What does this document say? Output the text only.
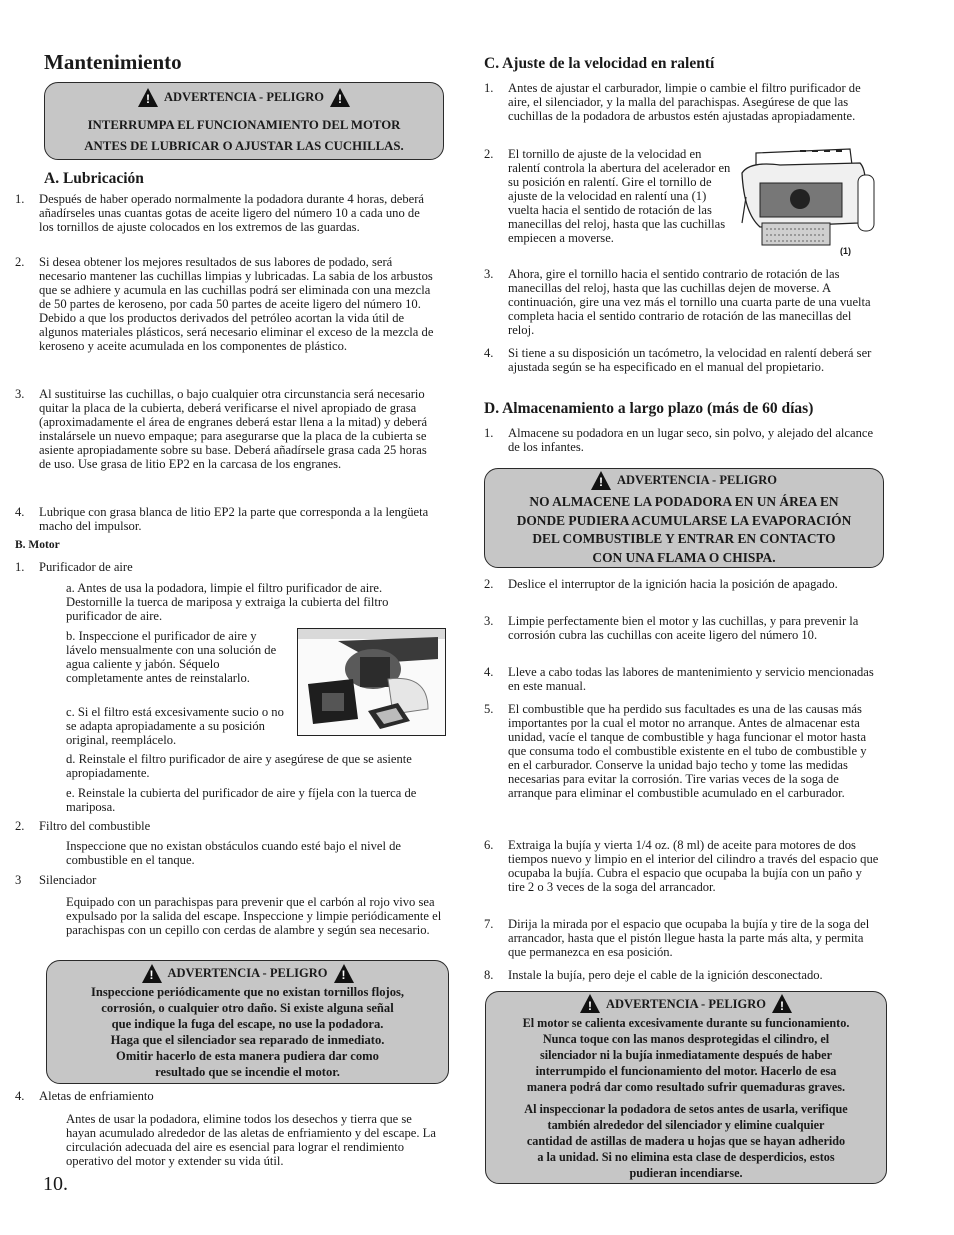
Mantenimiento
! ADVERTENCIA - PELIGRO !
INTERRUMPA EL FUNCIONAMIENTO DEL MOTOR
ANTES DE LUBRICAR O AJUSTAR LAS CUCHILLAS.
A. Lubricación
1. Después de haber operado normalmente la podadora durante 4 horas, deberá añadírseles unas cuantas gotas de aceite ligero del número 10 a cada uno de los tornillos de ajuste colocados en los extremos de las guardas.
2. Si desea obtener los mejores resultados de sus labores de podado, será necesario mantener las cuchillas limpias y lubricadas. La sabia de los arbustos que se adhiere y acumula en las cuchillas podrá ser eliminada con una mezcla de 50 partes de kerosenо, por cada 50 partes de aceite ligero del número 10. Debido a que los productos derivados del petróleo acortan la vida útil de algunos materiales plásticos, será necesario eliminar el exceso de la mezcla de keroseno y aceite acumulada en los componentes de plástico.
3. Al sustituirse las cuchillas, o bajo cualquier otra circunstancia será necesario quitar la placa de la cubierta, deberá verificarse el nivel apropiado de grasa (aproximadamente el área de engranes deberá estar llena a la mitad) y deberá instalársele un nuevo empaque; para asegurarse que la placa de la cubierta se asiente apropiadamente sobre su base. Deberá añadírsele grasa cada 25 horas de uso. Use grasa de litio EP2 en la carcasa de los engranes.
4. Lubrique con grasa blanca de litio EP2 la parte que corresponda a la lengüeta macho del impulsor.
B. Motor
1. Purificador de aire
a. Antes de usa la podadora, limpie el filtro purificador de aire. Destornille la tuerca de mariposa y extraiga la cubierta del filtro purificador de aire.
b. Inspeccione el purificador de aire y lávelo mensualmente con una solución de agua caliente y jabón. Séquelo completamente antes de reinstalarlo.
c. Si el filtro está excesivamente sucio o no se adapta apropiadamente a su posición original, reemplácelo.
d. Reinstale el filtro purificador de aire y asegúrese de que se asiente apropiadamente.
e. Reinstale la cubierta del purificador de aire y fíjela con la tuerca de mariposa.
2. Filtro del combustible
Inspeccione que no existan obstáculos cuando esté bajo el nivel de combustible en el tanque.
3 Silenciador
Equipado con un parachispas para prevenir que el carbón al rojo vivo sea expulsado por la salida del escape. Inspeccione y limpie periódicamente el parachispas con un cepillo con cerdas de alambre y según sea necesario.
! ADVERTENCIA - PELIGRO !
Inspeccione periódicamente que no existan tornillos flojos,
corrosión, o cualquier otro daño. Si existe alguna señal
que indique la fuga del escape, no use la podadora.
Haga que el silenciador sea reparado de inmediato.
Omitir hacerlo de esta manera pudiera dar como
resultado que se incendie el motor.
4. Aletas de enfriamiento
Antes de usar la podadora, elimine todos los desechos y tierra que se hayan acumulado alrededor de las aletas de enfriamiento y del escape. La circulación adecuada del aire es esencial para lograr el rendimiento operativo del motor y extender su vida útil.
10.
C. Ajuste de la velocidad en ralentí
1. Antes de ajustar el carburador, limpie o cambie el filtro purificador de aire, el silenciador, y la malla del parachispas. Asegúrese de que las cuchillas de la podadora de arbustos estén ajustadas apropiadamente.
2. El tornillo de ajuste de la velocidad en ralentí controla la abertura del acelerador en su posición en ralentí. Gire el tornillo de ajuste de la velocidad en ralentí una (1) vuelta hacia el sentido de rotación de las manecillas del reloj, hasta que las cuchillas empiecen a moverse.
(1)
3. Ahora, gire el tornillo hacia el sentido contrario de rotación de las manecillas del reloj, hasta que las cuchillas dejen de moverse. A continuación, gire una vez más el tornillo una cuarta parte de una vuelta completa hacia el sentido contrario de rotación de las manecillas del reloj.
4. Si tiene a su disposición un tacómetro, la velocidad en ralentí deberá ser ajustada según se ha especificado en el manual del propietario.
D. Almacenamiento a largo plazo (más de 60 días)
1. Almacene su podadora en un lugar seco, sin polvo, y alejado del alcance de los infantes.
! ADVERTENCIA - PELIGRO
NO ALMACENE LA PODADORA EN UN ÁREA EN
DONDE PUDIERA ACUMULARSE LA EVAPORACIÓN
DEL COMBUSTIBLE Y ENTRAR EN CONTACTO
CON UNA FLAMA O CHISPA.
2. Deslice el interruptor de la ignición hacia la posición de apagado.
3. Limpie perfectamente bien el motor y las cuchillas, y para prevenir la corrosión cubra las cuchillas con aceite ligero del número 10.
4. Lleve a cabo todas las labores de mantenimiento y servicio mencionadas en este manual.
5. El combustible que ha perdido sus facultades es una de las causas más importantes por la cual el motor no arranque. Antes de almacenar esta unidad, vacíe el tanque de combustible y haga funcionar el motor hasta que consuma todo el combustible existente en el tubo de combustible y en el carburador. Conserve la unidad bajo techo y tome las medidas necesarias para evitar la corrosión. Tire varias veces de la soga de arranque para eliminar el combustible acumulado en el carburador.
6. Extraiga la bujía y vierta 1/4 oz. (8 ml) de aceite para motores de dos tiempos nuevo y limpio en el interior del cilindro a través del espacio que ocupaba la bujía. Cubra el espacio que ocupaba la bujía con un paño y tire 2 o 3 veces de la soga del arrancador.
7. Dirija la mirada por el espacio que ocupaba la bujía y tire de la soga del arrancador, hasta que el pistón llegue hasta la parte más alta, y permita que permanezca en esa posición.
8. Instale la bujía, pero deje el cable de la ignición desconectado.
! ADVERTENCIA - PELIGRO !
El motor se calienta excesivamente durante su funcionamiento.
Nunca toque con las manos desprotegidas el cilindro, el
silenciador ni la bujía inmediatamente después de haber
interrumpido el funcionamiento del motor. Hacerlo de esa
manera podrá dar como resultado sufrir quemaduras graves.
Al inspeccionar la podadora de setos antes de usarla, verifique
también alrededor del silenciador y elimine cualquier
cantidad de astillas de madera u hojas que se hayan adherido
a la unidad. Si no elimina esta clase de desperdicios, estos
pudieran incendiarse.
